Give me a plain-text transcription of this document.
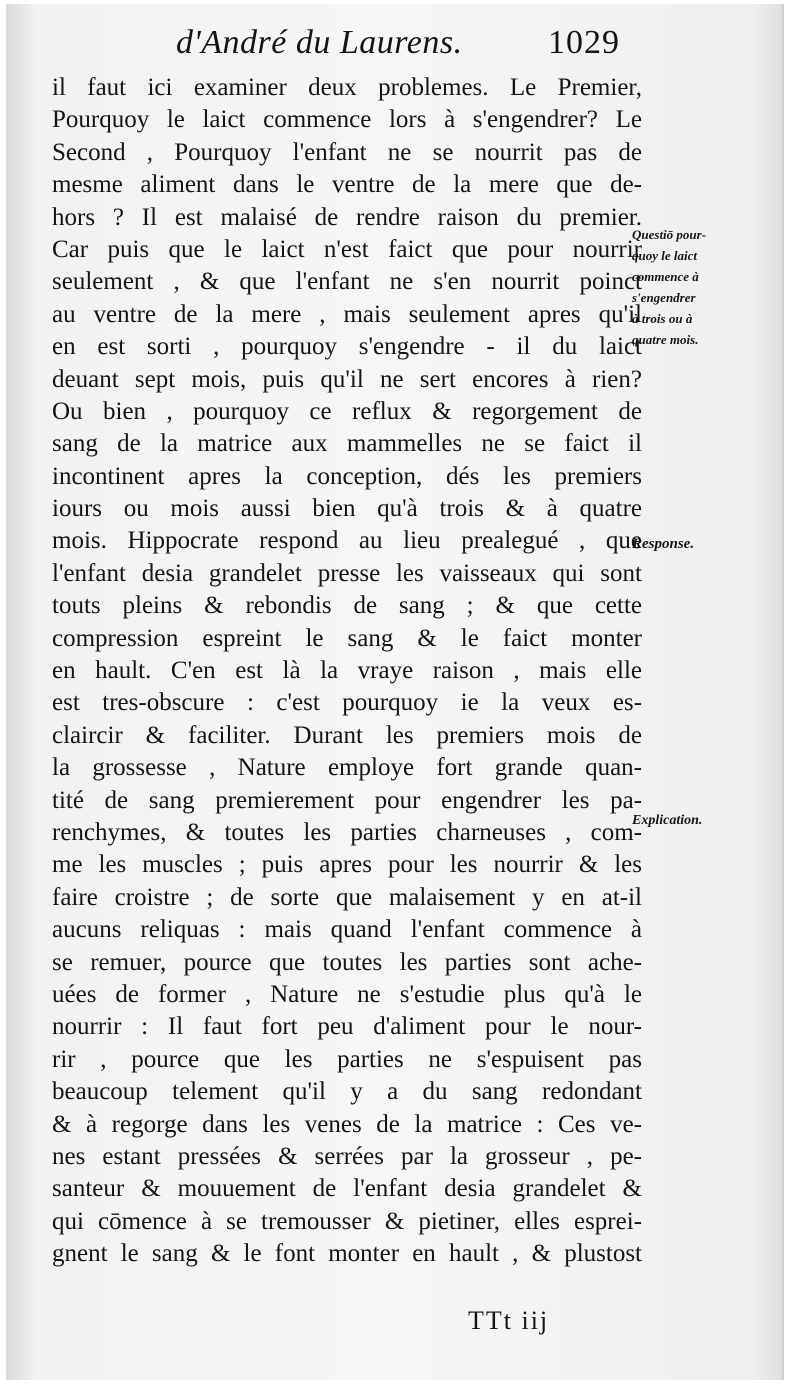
d'André du Laurens.	1029
il faut ici examiner deux problemes. Le Premier,
Pourquoy le laict commence lors à s'engendrer? Le
Second , Pourquoy l'enfant ne se nourrit pas de
mesme aliment dans le ventre de la mere que de-
hors ? Il est malaisé de rendre raison du premier.
Car puis que le laict n'est faict que pour nourrir
seulement , & que l'enfant ne s'en nourrit poinct
au ventre de la mere , mais seulement apres qu'il
en est sorti , pourquoy s'engendre - il du laict
deuant sept mois, puis qu'il ne sert encores à rien?
Ou bien , pourquoy ce reflux & regorgement de
sang de la matrice aux mammelles ne se faict il
incontinent apres la conception, dés les premiers
iours ou mois aussi bien qu'à trois & à quatre
mois. Hippocrate respond au lieu prealegué , que
l'enfant desia grandelet presse les vaisseaux qui sont
touts pleins & rebondis de sang ; & que cette
compression espreint le sang & le faict monter
en hault. C'en est là la vraye raison , mais elle
est tres-obscure : c'est pourquoy ie la veux es-
claircir & faciliter. Durant les premiers mois de
la grossesse , Nature employe fort grande quan-
tité de sang premierement pour engendrer les pa-
renchymes, & toutes les parties charneuses , com-
me les muscles ; puis apres pour les nourrir & les
faire croistre ; de sorte que malaisement y en at-il
aucuns reliquas : mais quand l'enfant commence à
se remuer, pource que toutes les parties sont ache-
uées de former , Nature ne s'estudie plus qu'à le
nourrir : Il faut fort peu d'aliment pour le nour-
rir , pource que les parties ne s'espuisent pas
beaucoup telement qu'il y a du sang redondant
& à regorge dans les venes de la matrice : Ces ve-
nes estant pressées & serrées par la grosseur , pe-
santeur & mouuement de l'enfant desia grandelet &
qui cōmence à se tremousser & pietiner, elles esprei-
gnent le sang & le font monter en hault , & plustost
Questiō pour-
quoy le laict
commence à
s'engendrer
à trois ou à
quatre mois.
Response.
Explication.
TTt iij
